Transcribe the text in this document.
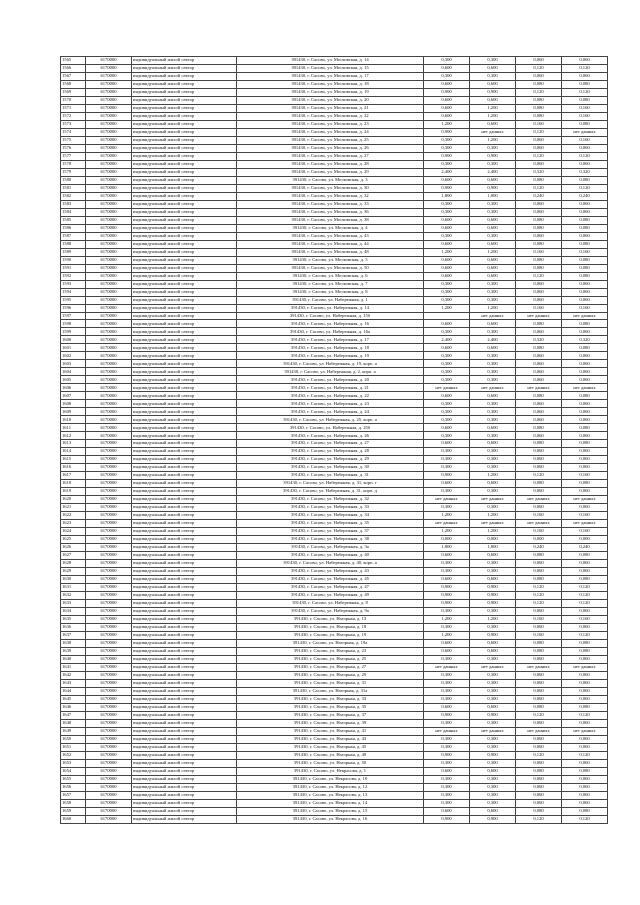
1565	6170000	индивидуальный жилой сектор	391430, г. Сасово, ул. Московская, д. 14	0,300	0,300	0,060	0,060
1566	6170000	индивидуальный жилой сектор	391430, г. Сасово, ул. Московская, д. 15	0,600	0,600	0,120	0,120
1567	6170000	индивидуальный жилой сектор	391430, г. Сасово, ул. Московская, д. 17	0,300	0,300	0,060	0,060
1568	6170000	индивидуальный жилой сектор	391430, г. Сасово, ул. Московская, д. 18	0,600	0,600	0,080	0,080
1569	6170000	индивидуальный жилой сектор	391430, г. Сасово, ул. Московская, д. 19	0,900	0,900	0,120	0,120
1570	6170000	индивидуальный жилой сектор	391430, г. Сасово, ул. Московская, д. 20	0,600	0,600	0,080	0,080
1571	6170000	индивидуальный жилой сектор	391430, г. Сасово, ул. Московская, д. 21	0,600	1,200	0,080	0,160
1572	6170000	индивидуальный жилой сектор	391430, г. Сасово, ул. Московская, д. 22	0,600	1,200	0,080	0,160
1573	6170000	индивидуальный жилой сектор	391430, г. Сасово, ул. Московская, д. 23	1,200	0,600	0,160	0,080
1574	6170000	индивидуальный жилой сектор	391430, г. Сасово, ул. Московская, д. 24	0,900	нет данных	0,120	нет данных
1575	6170000	индивидуальный жилой сектор	391430, г. Сасово, ул. Московская, д. 25	0,300	1,200	0,060	0,160
1576	6170000	индивидуальный жилой сектор	391430, г. Сасово, ул. Московская, д. 26	0,300	0,300	0,060	0,060
1577	6170000	индивидуальный жилой сектор	391430, г. Сасово, ул. Московская, д. 27	0,900	0,900	0,120	0,120
1578	6170000	индивидуальный жилой сектор	391430, г. Сасово, ул. Московская, д. 28	0,300	0,300	0,060	0,060
1579	6170000	индивидуальный жилой сектор	391430, г. Сасово, ул. Московская, д. 29	2,400	2,400	0,320	0,320
1580	6170000	индивидуальный жилой сектор	391430, г. Сасово, ул. Московская, д. 3	0,600	0,600	0,080	0,080
1581	6170000	индивидуальный жилой сектор	391430, г. Сасово, ул. Московская, д. 30	0,900	0,900	0,120	0,120
1582	6170000	индивидуальный жилой сектор	391430, г. Сасово, ул. Московская, д. 32	1,800	1,800	0,240	0,240
1583	6170000	индивидуальный жилой сектор	391430, г. Сасово, ул. Московская, д. 33	0,300	0,300	0,060	0,060
1584	6170000	индивидуальный жилой сектор	391430, г. Сасово, ул. Московская, д. 36	0,300	0,300	0,060	0,060
1585	6170000	индивидуальный жилой сектор	391430, г. Сасово, ул. Московская, д. 38	0,600	0,600	0,080	0,080
1586	6170000	индивидуальный жилой сектор	391430, г. Сасово, ул. Московская, д. 4	0,600	0,600	0,080	0,080
1587	6170000	индивидуальный жилой сектор	391430, г. Сасово, ул. Московская, д. 43	0,300	0,300	0,060	0,060
1588	6170000	индивидуальный жилой сектор	391430, г. Сасово, ул. Московская, д. 44	0,600	0,600	0,080	0,080
1589	6170000	индивидуальный жилой сектор	391430, г. Сасово, ул. Московская, д. 48	1,200	1,200	0,160	0,160
1590	6170000	индивидуальный жилой сектор	391430, г. Сасово, ул. Московская, д. 5	0,600	0,600	0,080	0,080
1591	6170000	индивидуальный жилой сектор	391430, г. Сасово, ул. Московская, д. 50	0,600	0,600	0,080	0,080
1592	6170000	индивидуальный жилой сектор	391430, г. Сасово, ул. Московская, д. 6	0,600	0,600	0,120	0,080
1593	6170000	индивидуальный жилой сектор	391430, г. Сасово, ул. Московская, д. 7	0,300	0,300	0,060	0,060
1594	6170000	индивидуальный жилой сектор	391430, г. Сасово, ул. Московская, д. 8	0,300	0,300	0,060	0,060
1595	6170000	индивидуальный жилой сектор	391430, г. Сасово, ул. Набережная, д. 1	0,300	0,300	0,060	0,060
1596	6170000	индивидуальный жилой сектор	391430, г. Сасово, ул. Набережная, д. 14	1,200	1,200	0,160	0,160
1597	6170000	индивидуальный жилой сектор	391430, г. Сасово, ул. Набережная, д. 15б		нет данных	нет данных	нет данных
1598	6170000	индивидуальный жилой сектор	391430, г. Сасово, ул. Набережная, д. 16	0,600	0,600	0,080	0,080
1599	6170000	индивидуальный жилой сектор	391430, г. Сасово, ул. Набережная, д. 16а	0,300	0,300	0,060	0,060
1600	6170000	индивидуальный жилой сектор	391430, г. Сасово, ул. Набережная, д. 17	2,400	2,400	0,320	0,320
1601	6170000	индивидуальный жилой сектор	391430, г. Сасово, ул. Набережная, д. 18	0,600	0,600	0,080	0,080
1602	6170000	индивидуальный жилой сектор	391430, г. Сасово, ул. Набережная, д. 19	0,300	0,300	0,060	0,060
1603	6170000	индивидуальный жилой сектор	391430, г. Сасово, ул. Набережная, д. 19, корп. а	0,300	0,300	0,060	0,060
1604	6170000	индивидуальный жилой сектор	391430, г. Сасово, ул. Набережная, д. 2, корп. а	0,300	0,300	0,060	0,060
1605	6170000	индивидуальный жилой сектор	391430, г. Сасово, ул. Набережная, д. 20	0,300	0,300	0,060	0,060
1606	6170000	индивидуальный жилой сектор	391430, г. Сасово, ул. Набережная, д. 21	нет данных	нет данных	нет данных	нет данных
1607	6170000	индивидуальный жилой сектор	391430, г. Сасово, ул. Набережная, д. 22	0,600	0,600	0,080	0,080
1608	6170000	индивидуальный жилой сектор	391430, г. Сасово, ул. Набережная, д. 23	0,300	0,300	0,060	0,060
1609	6170000	индивидуальный жилой сектор	391430, г. Сасово, ул. Набережная, д. 24	0,300	0,300	0,060	0,060
1610	6170000	индивидуальный жилой сектор	391430, г. Сасово, ул. Набережная, д. 25, корп. а	0,300	0,300	0,060	0,060
1611	6170000	индивидуальный жилой сектор	391430, г. Сасово, ул. Набережная, д. 25б	0,600	0,600	0,080	0,080
1612	6170000	индивидуальный жилой сектор	391430, г. Сасово, ул. Набережная, д. 26	0,300	0,300	0,060	0,060
1613	6170000	индивидуальный жилой сектор	391430, г. Сасово, ул. Набережная, д. 27	0,600	0,600	0,080	0,080
1614	6170000	индивидуальный жилой сектор	391430, г. Сасово, ул. Набережная, д. 28	0,300	0,300	0,060	0,060
1615	6170000	индивидуальный жилой сектор	391430, г. Сасово, ул. Набережная, д. 29	0,300	0,300	0,060	0,060
1616	6170000	индивидуальный жилой сектор	391430, г. Сасово, ул. Набережная, д. 30	0,300	0,300	0,060	0,060
1617	6170000	индивидуальный жилой сектор	391430, г. Сасово, ул. Набережная, д. 31	0,900	1,200	0,120	0,160
1618	6170000	индивидуальный жилой сектор	391430, г. Сасово, ул. Набережная, д. 31, корп. г	0,600	0,600	0,080	0,080
1619	6170000	индивидуальный жилой сектор	391430, г. Сасово, ул. Набережная, д. 31, корп. д	0,300	0,300	0,060	0,060
1620	6170000	индивидуальный жилой сектор	391430, г. Сасово, ул. Набережная, д. 32	нет данных	нет данных	нет данных	нет данных
1621	6170000	индивидуальный жилой сектор	391430, г. Сасово, ул. Набережная, д. 33	0,300	0,300	0,060	0,060
1622	6170000	индивидуальный жилой сектор	391430, г. Сасово, ул. Набережная, д. 34	1,200	1,200	0,160	0,160
1623	6170000	индивидуальный жилой сектор	391430, г. Сасово, ул. Набережная, д. 35	нет данных	нет данных	нет данных	нет данных
1624	6170000	индивидуальный жилой сектор	391430, г. Сасово, ул. Набережная, д. 37	1,200	1,200	0,160	0,160
1625	6170000	индивидуальный жилой сектор	391430, г. Сасово, ул. Набережная, д. 38	0,000	0,000	0,000	0,000
1626	6170000	индивидуальный жилой сектор	391430, г. Сасово, ул. Набережная, д. 3а	1,800	1,800	0,240	0,240
1627	6170000	индивидуальный жилой сектор	391430, г. Сасово, ул. Набережная, д. 40	0,600	0,600	0,080	0,080
1628	6170000	индивидуальный жилой сектор	391430, г. Сасово, ул. Набережная, д. 40, корп. а	0,300	0,300	0,060	0,060
1629	6170000	индивидуальный жилой сектор	391430, г. Сасово, ул. Набережная, д. 43	0,300	0,300	0,060	0,060
1630	6170000	индивидуальный жилой сектор	391430, г. Сасово, ул. Набережная, д. 45	0,600	0,600	0,080	0,080
1631	6170000	индивидуальный жилой сектор	391430, г. Сасово, ул. Набережная, д. 47	0,900	0,900	0,120	0,120
1632	6170000	индивидуальный жилой сектор	391430, г. Сасово, ул. Набережная, д. 49	0,900	0,900	0,120	0,120
1633	6170000	индивидуальный жилой сектор	391430, г. Сасово, ул. Набережная, д. 8	0,900	0,900	0,120	0,120
1634	6170000	индивидуальный жилой сектор	391430, г. Сасово, ул. Набережная, д. 9а	0,300	0,300	0,060	0,060
1635	6170000	индивидуальный жилой сектор	391430, г. Сасово, ул. Нагорная, д. 13	1,200	1,200	0,160	0,160
1636	6170000	индивидуальный жилой сектор	391430, г. Сасово, ул. Нагорная, д. 18	0,300	0,300	0,060	0,060
1637	6170000	индивидуальный жилой сектор	391430, г. Сасово, ул. Нагорная, д. 19	1,200	0,900	0,160	0,120
1638	6170000	индивидуальный жилой сектор	391430, г. Сасово, ул. Нагорная, д. 19а	0,600	0,600	0,080	0,080
1639	6170000	индивидуальный жилой сектор	391430, г. Сасово, ул. Нагорная, д. 23	0,600	0,600	0,080	0,080
1640	6170000	индивидуальный жилой сектор	391430, г. Сасово, ул. Нагорная, д. 25	0,300	0,300	0,060	0,060
1641	6170000	индивидуальный жилой сектор	391430, г. Сасово, ул. Нагорная, д. 27	нет данных	нет данных	нет данных	нет данных
1642	6170000	индивидуальный жилой сектор	391430, г. Сасово, ул. Нагорная, д. 29	0,300	0,300	0,060	0,060
1643	6170000	индивидуальный жилой сектор	391430, г. Сасово, ул. Нагорная, д. 31	0,300	0,300	0,060	0,060
1644	6170000	индивидуальный жилой сектор	391430, г. Сасово, ул. Нагорная, д. 31а	0,300	0,300	0,060	0,060
1645	6170000	индивидуальный жилой сектор	391430, г. Сасово, ул. Нагорная, д. 33	0,300	0,300	0,060	0,060
1646	6170000	индивидуальный жилой сектор	391430, г. Сасово, ул. Нагорная, д. 35	0,600	0,600	0,080	0,080
1647	6170000	индивидуальный жилой сектор	391430, г. Сасово, ул. Нагорная, д. 37	0,900	0,900	0,120	0,120
1648	6170000	индивидуальный жилой сектор	391430, г. Сасово, ул. Нагорная, д. 39	0,300	0,300	0,060	0,060
1649	6170000	индивидуальный жилой сектор	391430, г. Сасово, ул. Нагорная, д. 41	нет данных	нет данных	нет данных	нет данных
1650	6170000	индивидуальный жилой сектор	391430, г. Сасово, ул. Нагорная, д. 43	0,300	0,300	0,060	0,060
1651	6170000	индивидуальный жилой сектор	391430, г. Сасово, ул. Нагорная, д. 45	0,300	0,300	0,060	0,060
1652	6170000	индивидуальный жилой сектор	391430, г. Сасово, ул. Нагорная, д. 49	0,900	0,900	0,120	0,120
1653	6170000	индивидуальный жилой сектор	391430, г. Сасово, ул. Нагорная, д. 50	0,300	0,300	0,060	0,060
1654	6170000	индивидуальный жилой сектор	391430, г. Сасово, ул. Некрасова, д. 1	0,600	0,600	0,080	0,080
1655	6170000	индивидуальный жилой сектор	391430, г. Сасово, ул. Некрасова, д. 10	0,300	0,300	0,060	0,060
1656	6170000	индивидуальный жилой сектор	391430, г. Сасово, ул. Некрасова, д. 12	0,300	0,300	0,060	0,060
1657	6170000	индивидуальный жилой сектор	391430, г. Сасово, ул. Некрасова, д. 13	0,300	0,300	0,060	0,060
1658	6170000	индивидуальный жилой сектор	391430, г. Сасово, ул. Некрасова, д. 14	0,300	0,300	0,060	0,060
1659	6170000	индивидуальный жилой сектор	391430, г. Сасово, ул. Некрасова, д. 15	0,600	0,600	0,080	0,080
1660	6170000	индивидуальный жилой сектор	391430, г. Сасово, ул. Некрасова, д. 16	0,900	0,900	0,120	0,120
